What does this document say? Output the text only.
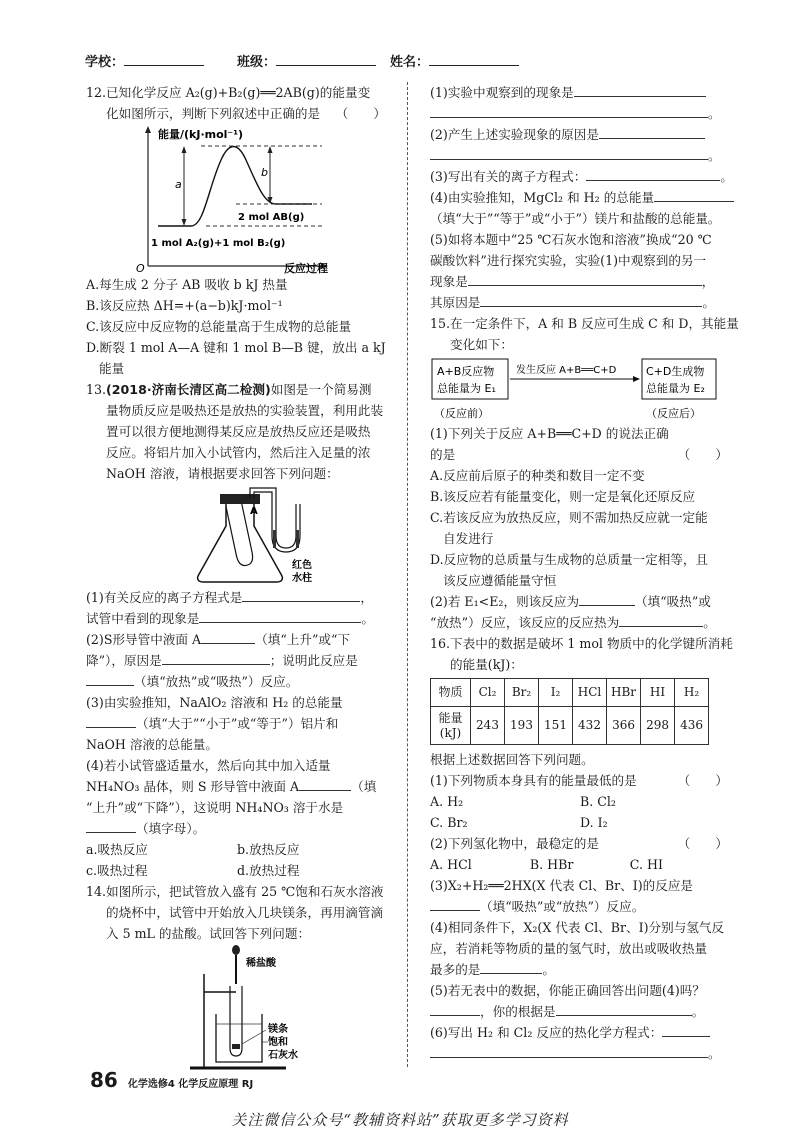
学校：	班级：	姓名：
12.已知化学反应 A₂(g)+B₂(g)══2AB(g)的能量变
化如图所示，判断下列叙述中正确的是 （　　）
能量/(kJ·mol⁻¹)
反应过程
O
a
b
2 mol AB(g)
1 mol A₂(g)+1 mol B₂(g)
A.每生成 2 分子 AB 吸收 b kJ 热量
B.该反应热 ΔH=+(a−b)kJ·mol⁻¹
C.该反应中反应物的总能量高于生成物的总能量
D.断裂 1 mol A—A 键和 1 mol B—B 键，放出 a kJ
能量
13.(2018·济南长清区高二检测)如图是一个简易测
量物质反应是吸热还是放热的实验装置，利用此装
置可以很方便地测得某反应是放热反应还是吸热
反应。将铝片加入小试管内，然后注入足量的浓
NaOH 溶液，请根据要求回答下列问题：
A
红色
水柱
(1)有关反应的离子方程式是	，
试管中看到的现象是	。
(2)S形导管中液面 A	（填“上升”或“下
降”），原因是	；说明此反应是
（填“放热”或“吸热”）反应。
(3)由实验推知，NaAlO₂ 溶液和 H₂ 的总能量
（填“大于”“小于”或“等于”）铝片和
NaOH 溶液的总能量。
(4)若小试管盛适量水，然后向其中加入适量
NH₄NO₃ 晶体，则 S 形导管中液面 A	（填
“上升”或“下降”），这说明 NH₄NO₃ 溶于水是
（填字母）。
a.吸热反应	b.放热反应
c.吸热过程	d.放热过程
14.如图所示，把试管放入盛有 25 ℃饱和石灰水溶液
的烧杯中，试管中开始放入几块镁条，再用滴管滴
入 5 mL 的盐酸。试回答下列问题：
稀盐酸
镁条
饱和
石灰水
(1)实验中观察到的现象是
。
(2)产生上述实验现象的原因是
。
(3)写出有关的离子方程式：	。
(4)由实验推知，MgCl₂ 和 H₂ 的总能量
（填“大于”“等于”或“小于”）镁片和盐酸的总能量。
(5)如将本题中“25 ℃石灰水饱和溶液”换成“20 ℃
碳酸饮料”进行探究实验，实验(1)中观察到的另一
现象是	，
其原因是	。
15.在一定条件下，A 和 B 反应可生成 C 和 D，其能量
变化如下：
A+B反应物
总能量为 E₁
发生反应 A+B══C+D	C+D生成物
总能量为 E₂
（反应前）	（反应后）
(1)下列关于反应 A+B══C+D 的说法正确
的是	（　　）
A.反应前后原子的种类和数目一定不变
B.该反应若有能量变化，则一定是氧化还原反应
C.若该反应为放热反应，则不需加热反应就一定能
自发进行
D.反应物的总质量与生成物的总质量一定相等，且
该反应遵循能量守恒
(2)若 E₁<E₂，则该反应为	（填“吸热”或
“放热”）反应，该反应的反应热为	。
16.下表中的数据是破坏 1 mol 物质中的化学键所消耗
的能量(kJ)：
物质	Cl₂	Br₂	I₂	HCl	HBr	HI	H₂
能量
(kJ)	243	193	151	432	366	298	436
根据上述数据回答下列问题。
(1)下列物质本身具有的能量最低的是	（　　）
A. H₂	B. Cl₂
C. Br₂	D. I₂
(2)下列氢化物中，最稳定的是	（　　）
A. HCl	B. HBr	C. HI
(3)X₂+H₂══2HX(X 代表 Cl、Br、I)的反应是
（填“吸热”或“放热”）反应。
(4)相同条件下，X₂(X 代表 Cl、Br、I)分别与氢气反
应，若消耗等物质的量的氢气时，放出或吸收热量
最多的是	。
(5)若无表中的数据，你能正确回答出问题(4)吗？
，你的根据是	。
(6)写出 H₂ 和 Cl₂ 反应的热化学方程式：
。
86 化学选修4 化学反应原理 RJ
关注微信公众号“教辅资料站”获取更多学习资料
